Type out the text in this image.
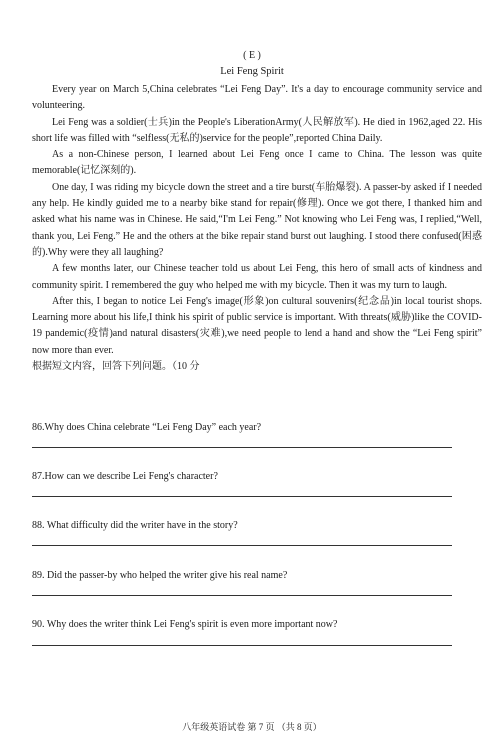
( E )
Lei Feng Spirit

Every year on March 5,China celebrates “Lei Feng Day”. It's a day to encourage community service and volunteering.

Lei Feng was a soldier(士兵)in the People's LiberationArmy(人民解放军). He died in 1962,aged 22. His short life was filled with “selfless(无私的)service for the people”,reported China Daily.

As a non-Chinese person, I learned about Lei Feng once I came to China. The lesson was quite memorable(记忆深刻的).

One day, I was riding my bicycle down the street and a tire burst(车胎爆裂). A passer-by asked if I needed any help. He kindly guided me to a nearby bike stand for repair(修理). Once we got there, I thanked him and asked what his name was in Chinese. He said,“I'm Lei Feng.” Not knowing who Lei Feng was, I replied,“Well, thank you, Lei Feng.” He and the others at the bike repair stand burst out laughing. I stood there confused(困惑的).Why were they all laughing?

A few months later, our Chinese teacher told us about Lei Feng, this hero of small acts of kindness and community spirit. I remembered the guy who helped me with my bicycle. Then it was my turn to laugh.

After this, I began to notice Lei Feng's image(形象)on cultural souvenirs(纪念品)in local tourist shops. Learning more about his life,I think his spirit of public service is important. With threats(威胁)like the COVID-19 pandemic(疫情)and natural disasters(灾难),we need people to lend a hand and show the “Lei Feng spirit” now more than ever.

根据短文内容，回答下列问题。（10 分
86.Why does China celebrate “Lei Feng Day” each year?
87.How can we describe Lei Feng's character?
88. What difficulty did the writer have in the story?
89. Did the passer-by who helped the writer give his real name?
90. Why does the writer think Lei Feng's spirit is even more important now?
八年级英语试卷 第 7 页 （共 8 页）
